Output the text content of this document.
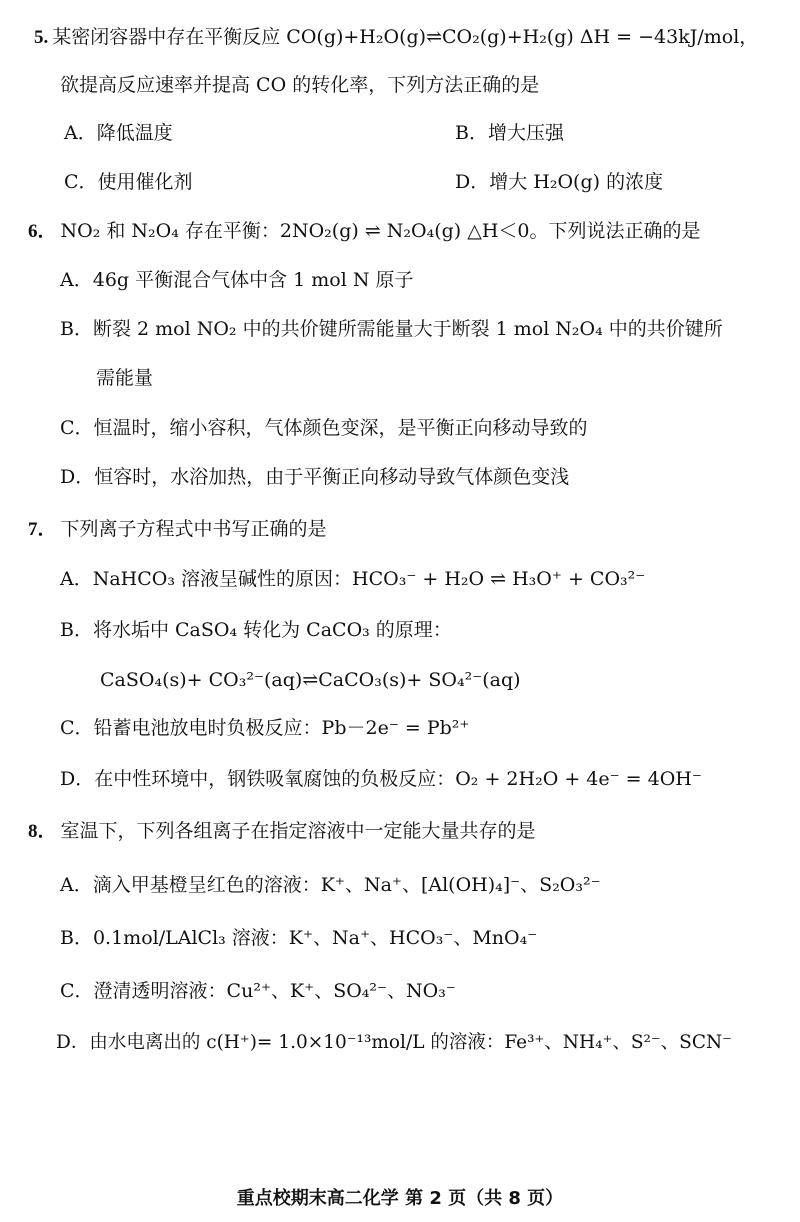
5. 某密闭容器中存在平衡反应 CO(g)+H₂O(g)⇌CO₂(g)+H₂(g) ΔH = −43kJ/mol，
欲提高反应速率并提高 CO 的转化率，下列方法正确的是
A．降低温度	B．增大压强
C．使用催化剂	D．增大 H₂O(g) 的浓度
6． NO₂ 和 N₂O₄ 存在平衡：2NO₂(g) ⇌ N₂O₄(g) △H＜0。下列说法正确的是
A．46g 平衡混合气体中含 1 mol N 原子
B．断裂 2 mol NO₂ 中的共价键所需能量大于断裂 1 mol N₂O₄ 中的共价键所
需能量
C．恒温时，缩小容积，气体颜色变深，是平衡正向移动导致的
D．恒容时，水浴加热，由于平衡正向移动导致气体颜色变浅
7． 下列离子方程式中书写正确的是
A．NaHCO₃ 溶液呈碱性的原因：HCO₃⁻ + H₂O ⇌ H₃O⁺ + CO₃²⁻
B．将水垢中 CaSO₄ 转化为 CaCO₃ 的原理：
CaSO₄(s)+ CO₃²⁻(aq)⇌CaCO₃(s)+ SO₄²⁻(aq)
C．铅蓄电池放电时负极反应：Pb－2e⁻ = Pb²⁺
D．在中性环境中，钢铁吸氧腐蚀的负极反应：O₂ + 2H₂O + 4e⁻ = 4OH⁻
8． 室温下，下列各组离子在指定溶液中一定能大量共存的是
A．滴入甲基橙呈红色的溶液：K⁺、Na⁺、[Al(OH)₄]⁻、S₂O₃²⁻
B．0.1mol/LAlCl₃ 溶液：K⁺、Na⁺、HCO₃⁻、MnO₄⁻
C．澄清透明溶液：Cu²⁺、K⁺、SO₄²⁻、NO₃⁻
D．由水电离出的 c(H⁺)= 1.0×10⁻¹³mol/L 的溶液：Fe³⁺、NH₄⁺、S²⁻、SCN⁻
重点校期末高二化学 第 2 页（共 8 页）
